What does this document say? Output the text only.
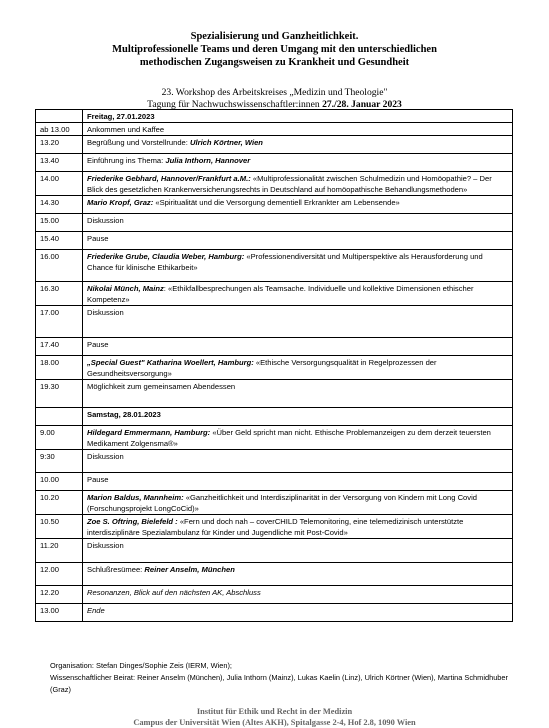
Spezialisierung und Ganzheitlichkeit.
Multiprofessionelle Teams und deren Umgang mit den unterschiedlichen
methodischen Zugangsweisen zu Krankheit und Gesundheit
23. Workshop des Arbeitskreises „Medizin und Theologie"
Tagung für Nachwuchswissenschaftler:innen 27./28. Januar 2023
	Freitag, 27.01.2023
ab 13.00	Ankommen und Kaffee
13.20	Begrüßung und Vorstellrunde: Ulrich Körtner, Wien
13.40	Einführung ins Thema: Julia Inthorn, Hannover
14.00	Friederike Gebhard, Hannover/Frankfurt a.M.: «Multiprofessionalität zwischen Schulmedizin und Homöopathie? – Der Blick des gesetzlichen Krankenversicherungsrechts in Deutschland auf homöopathische Behandlungsmethoden»
14.30	Mario Kropf, Graz: «Spiritualität und die Versorgung dementiell Erkrankter am Lebensende»
15.00	Diskussion
15.40	Pause
16.00	Friederike Grube, Claudia Weber, Hamburg: «Professionendiversität und Multiperspektive als Herausforderung und Chance für klinische Ethikarbeit»
16.30	Nikolai Münch, Mainz: «Ethikfallbesprechungen als Teamsache. Individuelle und kollektive Dimensionen ethischer Kompetenz»
17.00	Diskussion
17.40	Pause
18.00	„Special Guest" Katharina Woellert, Hamburg: «Ethische Versorgungsqualität in Regelprozessen der Gesundheitsversorgung»
19.30	Möglichkeit zum gemeinsamen Abendessen
	Samstag, 28.01.2023
9.00	Hildegard Emmermann, Hamburg: «Über Geld spricht man nicht. Ethische Problemanzeigen zu dem derzeit teuersten Medikament Zolgensma®»
9:30	Diskussion
10.00	Pause
10.20	Marion Baldus, Mannheim: «Ganzheitlichkeit und Interdisziplinarität in der Versorgung von Kindern mit Long Covid (Forschungsprojekt LongCoCid)»
10.50	Zoe S. Oftring, Bielefeld : «Fern und doch nah – coverCHILD Telemonitoring, eine telemedizinisch unterstützte interdisziplinäre Spezialambulanz für Kinder und Jugendliche mit Post-Covid»
11.20	Diskussion
12.00	Schlußresümee: Reiner Anselm, München
12.20	Resonanzen, Blick auf den nächsten AK, Abschluss
13.00	Ende
Organisation: Stefan Dinges/Sophie Zeis (IERM, Wien);
Wissenschaftlicher Beirat: Reiner Anselm (München), Julia Inthorn (Mainz), Lukas Kaelin (Linz), Ulrich Körtner (Wien), Martina Schmidhuber (Graz)
Institut für Ethik und Recht in der Medizin
Campus der Universität Wien (Altes AKH), Spitalgasse 2-4, Hof 2.8, 1090 Wien
